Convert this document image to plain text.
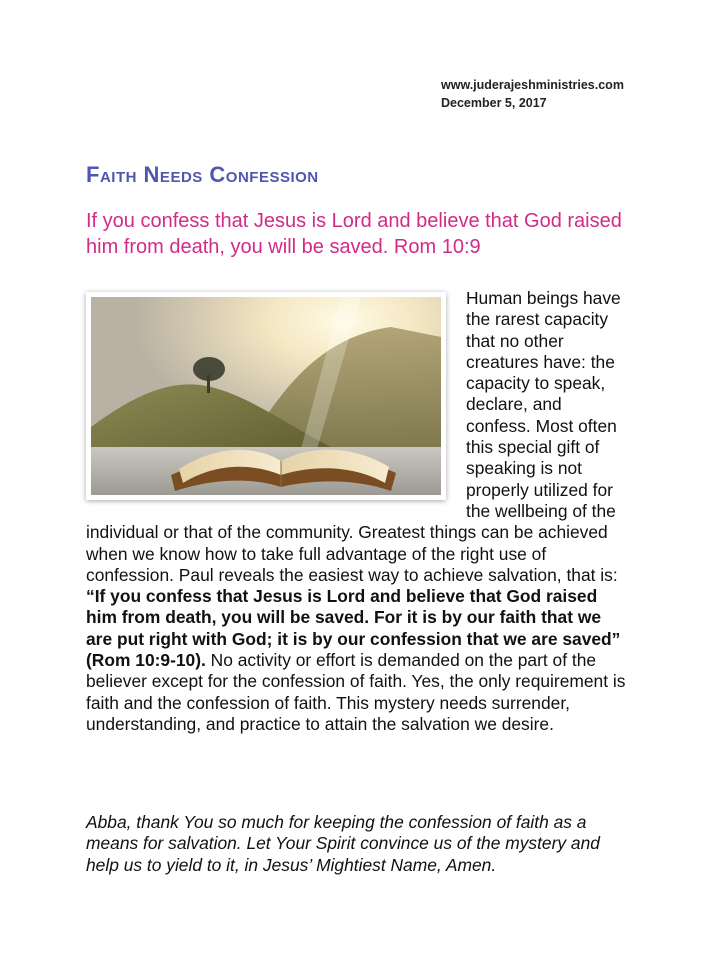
www.juderajeshministries.com
December 5, 2017
Faith Needs Confession

If you confess that Jesus is Lord and believe that God raised him from death, you will be saved. Rom 10:9

Human beings have the rarest capacity that no other creatures have: the capacity to speak, declare, and confess. Most often this special gift of speaking is not properly utilized for the wellbeing of the individual or that of the community. Greatest things can be achieved when we know how to take full advantage of the right use of confession. Paul reveals the easiest way to achieve salvation, that is: “If you confess that Jesus is Lord and believe that God raised him from death, you will be saved. For it is by our faith that we are put right with God; it is by our confession that we are saved” (Rom 10:9-10). No activity or effort is demanded on the part of the believer except for the confession of faith. Yes, the only requirement is faith and the confession of faith. This mystery needs surrender, understanding, and practice to attain the salvation we desire.

Abba, thank You so much for keeping the confession of faith as a means for salvation. Let Your Spirit convince us of the mystery and help us to yield to it, in Jesus’ Mightiest Name, Amen.
